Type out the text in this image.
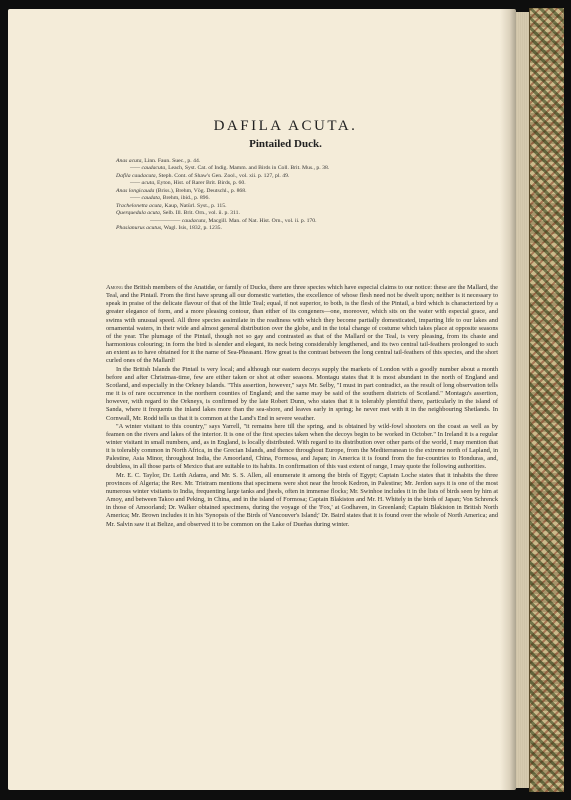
DAFILA ACUTA.
Pintailed Duck.
Anas acuta, Linn. Faun. Suec., p. 44.
—— caudacuta, Leach, Syst. Cat. of Indig. Mamm. and Birds in Coll. Brit. Mus., p. 38.
Dafila caudacuta, Steph. Cont. of Shaw's Gen. Zool., vol. xii. p. 127, pl. 49.
—— acuta, Eyton, Hist. of Rarer Brit. Birds, p. 60.
Anas longicauda (Briss.), Brehm, Vög. Deutschl., p. 868.
—— caudata, Brehm, ibid., p. 896.
Trachelonetta acuta, Kaup, Natürl. Syst., p. 115.
Querquedula acuta, Selb. Ill. Brit. Orn., vol. ii. p. 311.
—————— caudacuta, Macgill. Man. of Nat. Hist. Orn., vol. ii. p. 170.
Phasianurus acutus, Wagl. Isis, 1832, p. 1235.

Among the British members of the Anatidæ, or family of Ducks, there are three species which have especial claims to our notice: these are the Mallard, the Teal, and the Pintail. From the first have sprung all our domestic varieties, the excellence of whose flesh need not be dwelt upon; neither is it necessary to speak in praise of the delicate flavour of that of the little Teal; equal, if not superior, to both, is the flesh of the Pintail, a bird which is characterized by a greater elegance of form, and a more pleasing contour, than either of its congeners—one, moreover, which sits on the water with especial grace, and swims with unusual speed. All three species assimilate in the readiness with which they become partially domesticated, imparting life to our lakes and ornamental waters, in their wide and almost general distribution over the globe, and in the total change of costume which takes place at opposite seasons of the year. The plumage of the Pintail, though not so gay and contrasted as that of the Mallard or the Teal, is very pleasing, from its chaste and harmonious colouring; in form the bird is slender and elegant, its neck being considerably lengthened, and its two central tail-feathers prolonged to such an extent as to have obtained for it the name of Sea-Pheasant. How great is the contrast between the long central tail-feathers of this species, and the short curled ones of the Mallard!

In the British Islands the Pintail is very local; and although our eastern decoys supply the markets of London with a goodly number about a month before and after Christmas-time, few are either taken or shot at other seasons. Montagu states that it is most abundant in the north of England and Scotland, and especially in the Orkney Islands. "This assertion, however," says Mr. Selby, "I must in part contradict, as the result of long observation tells me it is of rare occurrence in the northern counties of England; and the same may be said of the southern districts of Scotland." Montagu's assertion, however, with regard to the Orkneys, is confirmed by the late Robert Dunn, who states that it is tolerably plentiful there, particularly in the island of Sanda, where it frequents the inland lakes more than the sea-shore, and leaves early in spring; he never met with it in the neighbouring Shetlands. In Cornwall, Mr. Rodd tells us that it is common at the Land's End in severe weather.

"A winter visitant to this country," says Yarrell, "it remains here till the spring, and is obtained by wild-fowl shooters on the coast as well as by feamen on the rivers and lakes of the interior. It is one of the first species taken when the decoys begin to be worked in October." In Ireland it is a regular winter visitant in small numbers, and, as in England, is locally distributed. With regard to its distribution over other parts of the world, I may mention that it is tolerably common in North Africa, in the Grecian Islands, and thence throughout Europe, from the Mediterranean to the extreme north of Lapland, in Palestine, Asia Minor, throughout India, the Amoorland, China, Formosa, and Japan; in America it is found from the fur-countries to Honduras, and, doubtless, in all those parts of Mexico that are suitable to its habits. In confirmation of this vast extent of range, I may quote the following authorities.

Mr. E. C. Taylor, Dr. Leith Adams, and Mr. S. S. Allen, all enumerate it among the birds of Egypt; Captain Loche states that it inhabits the three provinces of Algeria; the Rev. Mr. Tristram mentions that specimens were shot near the brook Kedron, in Palestine; Mr. Jerdon says it is one of the most numerous winter visitants to India, frequenting large tanks and jheels, often in immense flocks; Mr. Swinhoe includes it in the lists of birds seen by him at Amoy, and between Takoo and Peking, in China, and in the island of Formosa; Captain Blakiston and Mr. H. Whitely in the birds of Japan; Von Schrenck in those of Amoorland; Dr. Walker obtained specimens, during the voyage of the 'Fox,' at Godhaven, in Greenland; Captain Blakiston in British North America; Mr. Brown includes it in his 'Synopsis of the Birds of Vancouver's Island;' Dr. Baird states that it is found over the whole of North America; and Mr. Salvin saw it at Belize, and observed it to be common on the Lake of Dueñas during winter.
